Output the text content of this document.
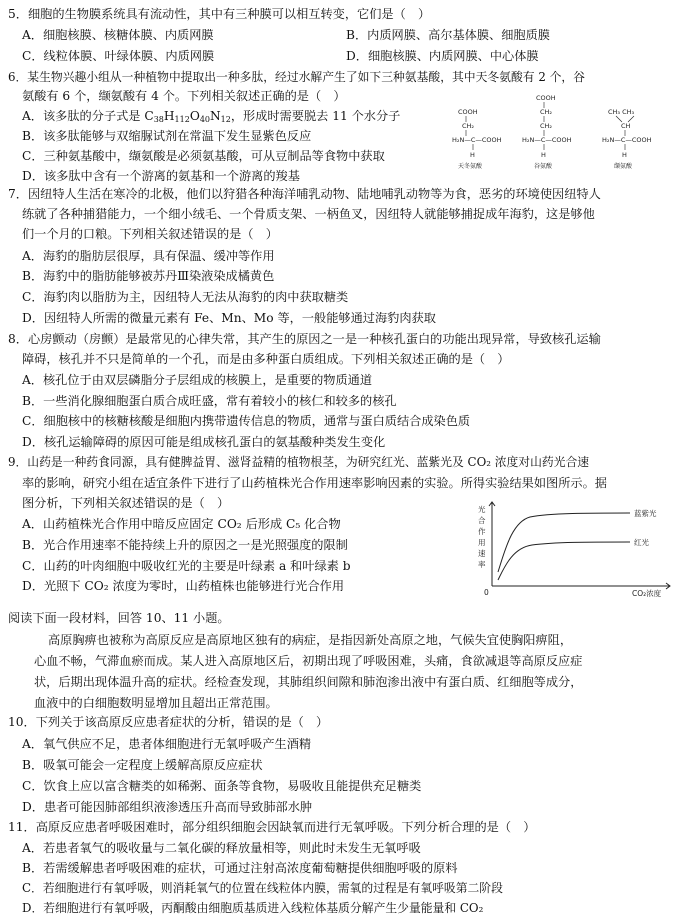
5．细胞的生物膜系统具有流动性，其中有三种膜可以相互转变，它们是（　）
A．细胞核膜、核糖体膜、内质网膜	B．内质网膜、高尔基体膜、细胞质膜
C．线粒体膜、叶绿体膜、内质网膜	D．细胞核膜、内质网膜、中心体膜
6．某生物兴趣小组从一种植物中提取出一种多肽，经过水解产生了如下三种氨基酸，其中天冬氨酸有 2 个，谷
氨酸有 6 个，缬氨酸有 4 个。下列相关叙述正确的是（　）
A．该多肽的分子式是 $C_{38}H_{112}O_{40}N_{12}$，形成时需要脱去 11 个水分子
B．该多肽能够与双缩脲试剂在常温下发生显紫色反应
C．三种氨基酸中，缬氨酸是必须氨基酸，可从豆制品等食物中获取
D．该多肽中含有一个游离的氨基和一个游离的羧基
COOH
CH₂
H₂N—C—COOH
H
天冬氨酸
COOH
CH₂
CH₂
H₂N—C—COOH
H
谷氨酸
CH₃ CH₃
CH
H₂N—C—COOH
H
缬氨酸
7．因纽特人生活在寒冷的北极，他们以狩猎各种海洋哺乳动物、陆地哺乳动物等为食，恶劣的环境使因纽特人
练就了各种捕猎能力，一个细小绒毛、一个骨质支架、一柄鱼叉，因纽特人就能够捕捉成年海豹，这是够他
们一个月的口粮。下列相关叙述错误的是（　）
A．海豹的脂肪层很厚，具有保温、缓冲等作用
B．海豹中的脂肪能够被苏丹Ⅲ染液染成橘黄色
C．海豹肉以脂肪为主，因纽特人无法从海豹的肉中获取糖类
D．因纽特人所需的微量元素有 Fe、Mn、Mo 等，一般能够通过海豹肉获取
8．心房颤动（房颤）是最常见的心律失常，其产生的原因之一是一种核孔蛋白的功能出现异常，导致核孔运输
障碍，核孔并不只是简单的一个孔，而是由多种蛋白质组成。下列相关叙述正确的是（　）
A．核孔位于由双层磷脂分子层组成的核膜上，是重要的物质通道
B．一些消化腺细胞蛋白质合成旺盛，常有着较小的核仁和较多的核孔
C．细胞核中的核糖核酸是细胞内携带遗传信息的物质，通常与蛋白质结合成染色质
D．核孔运输障碍的原因可能是组成核孔蛋白的氨基酸种类发生变化
9．山药是一种药食同源，具有健脾益胃、滋肾益精的植物根茎，为研究红光、蓝紫光及 CO₂ 浓度对山药光合速
率的影响，研究小组在适宜条件下进行了山药植株光合作用速率影响因素的实验。所得实验结果如图所示。据
图分析，下列相关叙述错误的是（　）
A．山药植株光合作用中暗反应固定 CO₂ 后形成 C₅ 化合物
B．光合作用速率不能持续上升的原因之一是光照强度的限制
C．山药的叶肉细胞中吸收红光的主要是叶绿素 a 和叶绿素 b
D．光照下 CO₂ 浓度为零时，山药植株也能够进行光合作用
光
合
作
用
速
率
0	CO₂浓度
蓝紫光
红光
阅读下面一段材料，回答 10、11 小题。
高原胸痹也被称为高原反应是高原地区独有的病症，是指因新处高原之地，气候失宜使胸阳痹阻，
心血不畅，气滞血瘀而成。某人进入高原地区后，初期出现了呼吸困难，头痛，食欲减退等高原反应症
状，后期出现体温升高的症状。经检查发现，其肺组织间隙和肺泡渗出液中有蛋白质、红细胞等成分，
血液中的白细胞数明显增加且超出正常范围。
10．下列关于该高原反应患者症状的分析，错误的是（　）
A．氧气供应不足，患者体细胞进行无氧呼吸产生酒精
B．吸氧可能会一定程度上缓解高原反应症状
C．饮食上应以富含糖类的如稀粥、面条等食物，易吸收且能提供充足糖类
D．患者可能因肺部组织液渗透压升高而导致肺部水肿
11．高原反应患者呼吸困难时，部分组织细胞会因缺氧而进行无氧呼吸。下列分析合理的是（　）
A．若患者氧气的吸收量与二氧化碳的释放量相等，则此时未发生无氧呼吸
B．若需缓解患者呼吸困难的症状，可通过注射高浓度葡萄糖提供细胞呼吸的原料
C．若细胞进行有氧呼吸，则消耗氧气的位置在线粒体内膜，需氧的过程是有氧呼吸第二阶段
D．若细胞进行有氧呼吸，丙酮酸由细胞质基质进入线粒体基质分解产生少量能量和 CO₂
